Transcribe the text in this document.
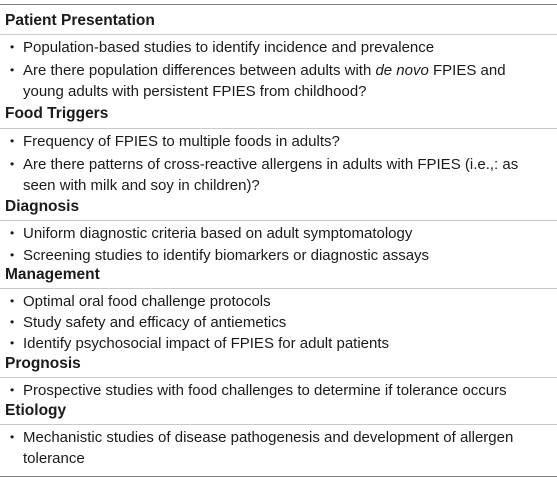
Patient Presentation
• Population-based studies to identify incidence and prevalence
• Are there population differences between adults with de novo FPIES and
young adults with persistent FPIES from childhood?
Food Triggers
• Frequency of FPIES to multiple foods in adults?
• Are there patterns of cross-reactive allergens in adults with FPIES (i.e.,: as
seen with milk and soy in children)?
Diagnosis
• Uniform diagnostic criteria based on adult symptomatology
• Screening studies to identify biomarkers or diagnostic assays
Management
• Optimal oral food challenge protocols
• Study safety and efficacy of antiemetics
• Identify psychosocial impact of FPIES for adult patients
Prognosis
• Prospective studies with food challenges to determine if tolerance occurs
Etiology
• Mechanistic studies of disease pathogenesis and development of allergen
tolerance
